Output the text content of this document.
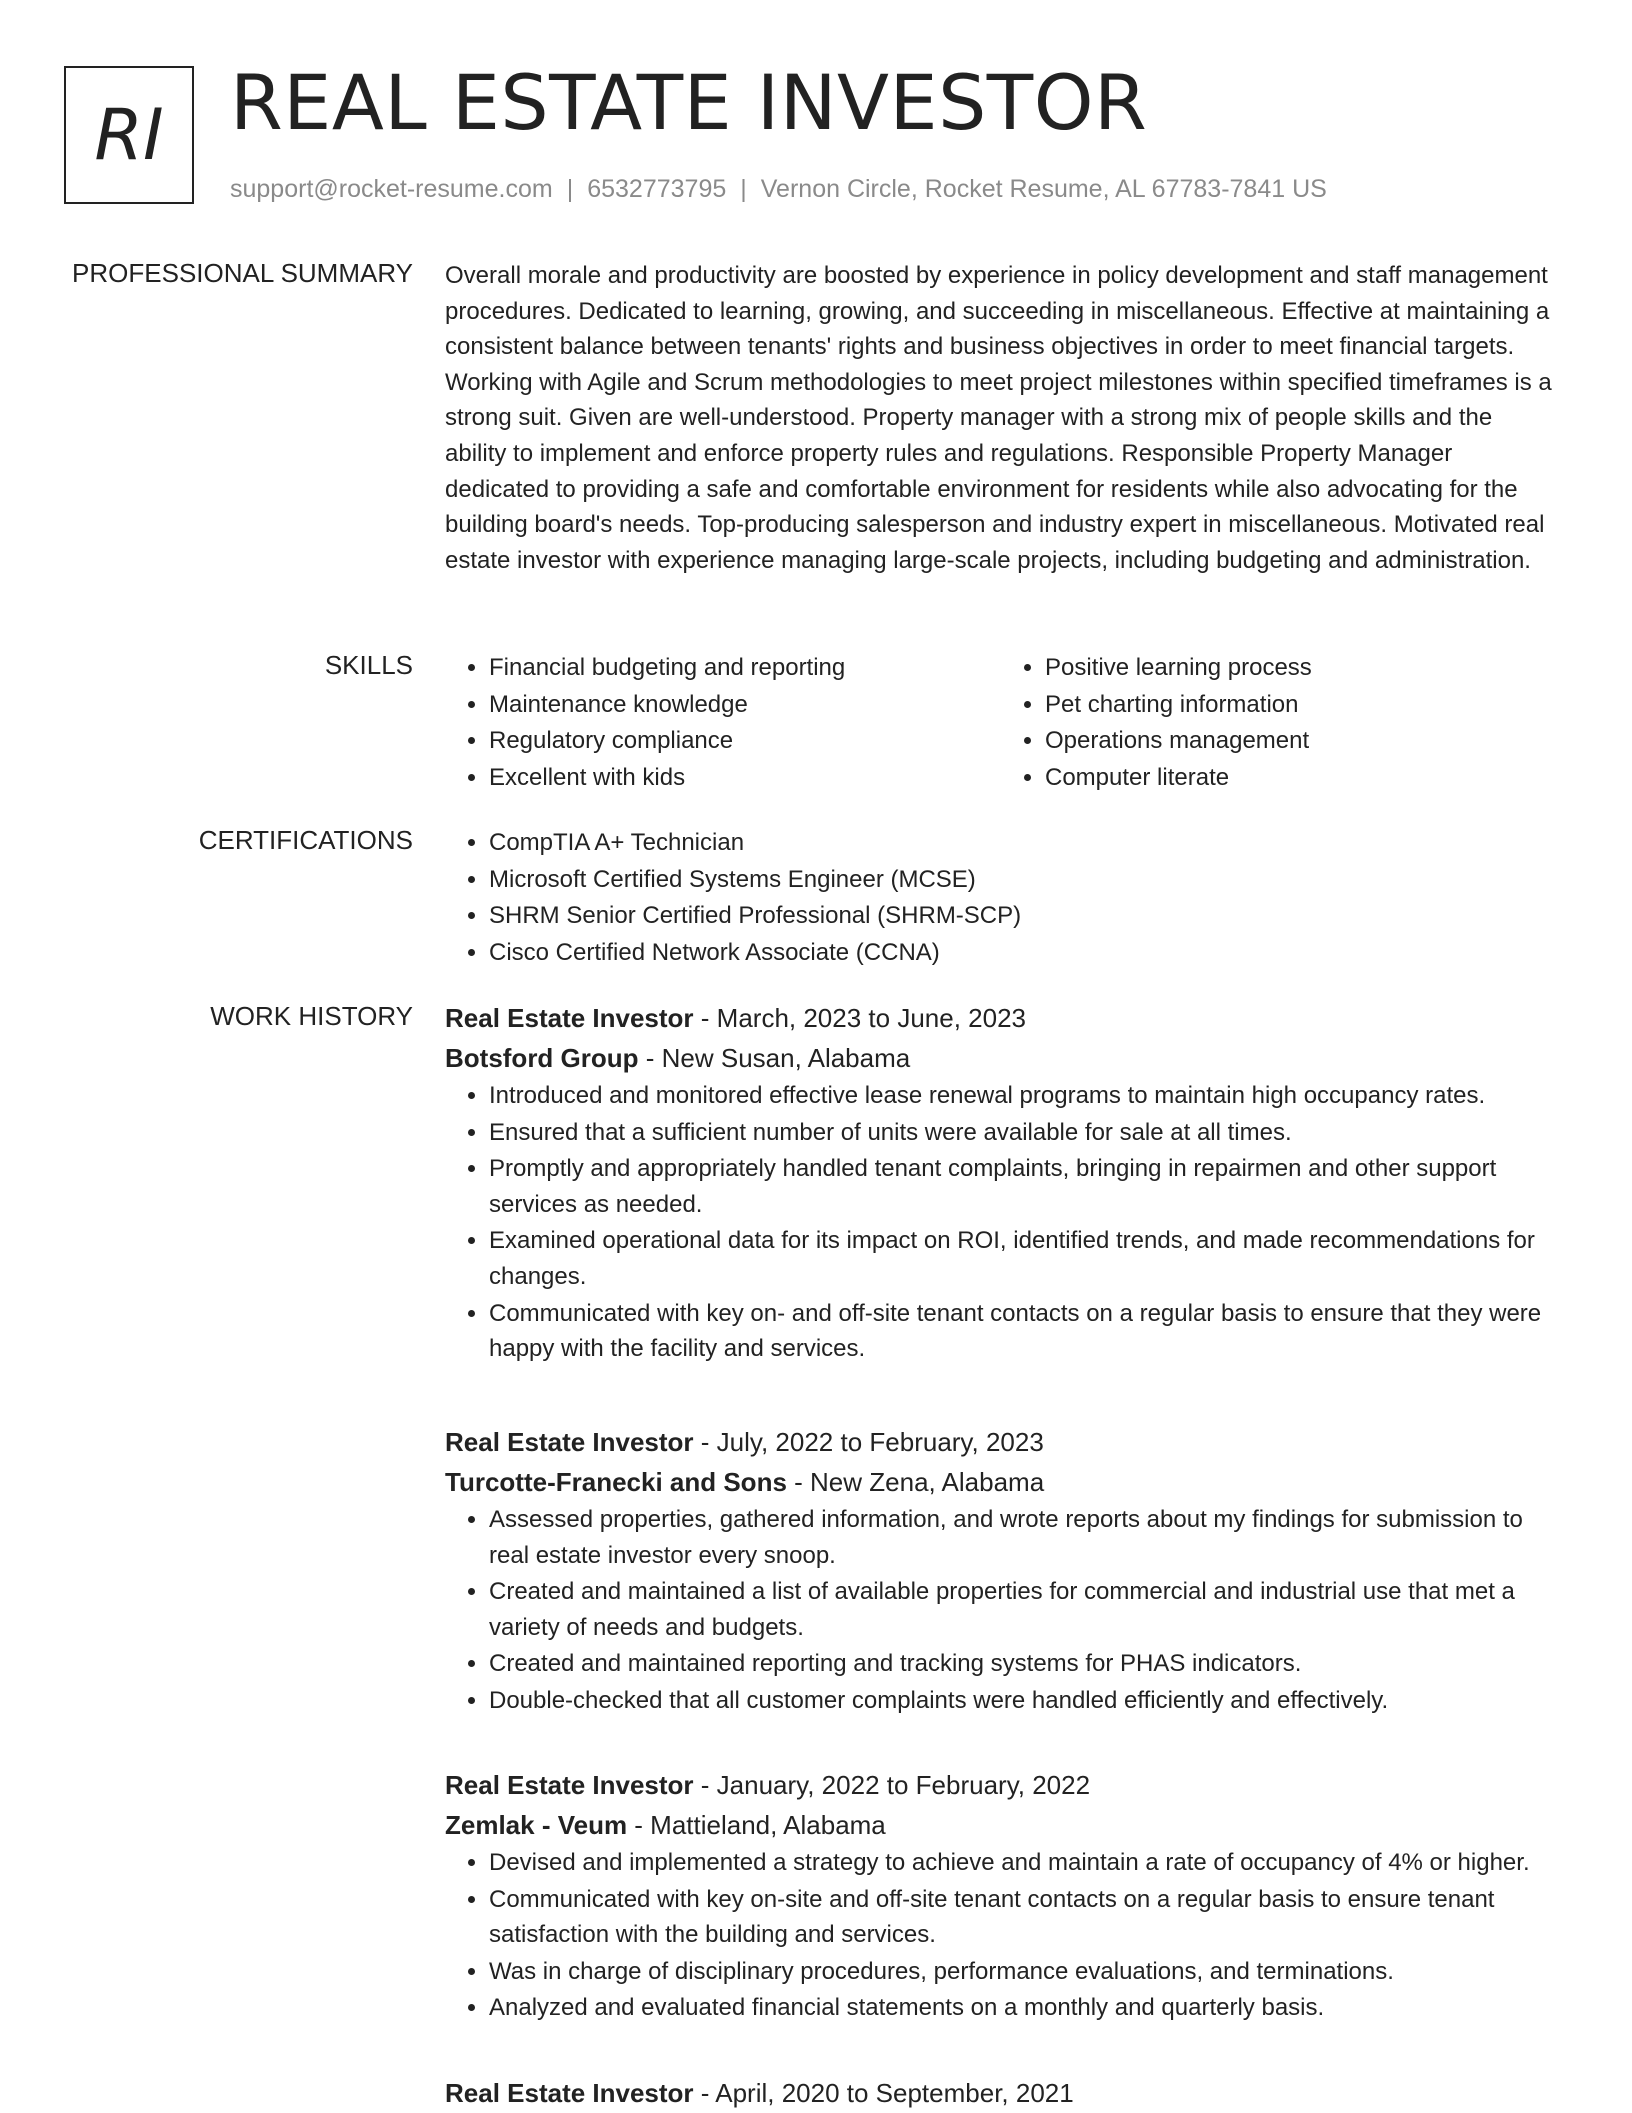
RI REAL ESTATE INVESTOR
support@rocket-resume.com | 6532773795 | Vernon Circle, Rocket Resume, AL 67783-7841 US
PROFESSIONAL SUMMARY Overall morale and productivity are boosted by experience in policy development and staff management procedures. Dedicated to learning, growing, and succeeding in miscellaneous. Effective at maintaining a consistent balance between tenants' rights and business objectives in order to meet financial targets. Working with Agile and Scrum methodologies to meet project milestones within specified timeframes is a strong suit. Given are well-understood. Property manager with a strong mix of people skills and the ability to implement and enforce property rules and regulations. Responsible Property Manager dedicated to providing a safe and comfortable environment for residents while also advocating for the building board's needs. Top-producing salesperson and industry expert in miscellaneous. Motivated real estate investor with experience managing large-scale projects, including budgeting and administration.
SKILLS	• Financial budgeting and reporting
• Maintenance knowledge
• Regulatory compliance
• Excellent with kids
• Positive learning process
• Pet charting information
• Operations management
• Computer literate
CERTIFICATIONS	• CompTIA A+ Technician
• Microsoft Certified Systems Engineer (MCSE)
• SHRM Senior Certified Professional (SHRM-SCP)
• Cisco Certified Network Associate (CCNA)
WORK HISTORY Real Estate Investor - March, 2023 to June, 2023
Botsford Group - New Susan, Alabama
• Introduced and monitored effective lease renewal programs to maintain high occupancy rates.
• Ensured that a sufficient number of units were available for sale at all times.
• Promptly and appropriately handled tenant complaints, bringing in repairmen and other support services as needed.
• Examined operational data for its impact on ROI, identified trends, and made recommendations for changes.
• Communicated with key on- and off-site tenant contacts on a regular basis to ensure that they were happy with the facility and services.
Real Estate Investor - July, 2022 to February, 2023
Turcotte-Franecki and Sons - New Zena, Alabama
• Assessed properties, gathered information, and wrote reports about my findings for submission to real estate investor every snoop.
• Created and maintained a list of available properties for commercial and industrial use that met a variety of needs and budgets.
• Created and maintained reporting and tracking systems for PHAS indicators.
• Double-checked that all customer complaints were handled efficiently and effectively.
Real Estate Investor - January, 2022 to February, 2022
Zemlak - Veum - Mattieland, Alabama
• Devised and implemented a strategy to achieve and maintain a rate of occupancy of 4% or higher.
• Communicated with key on-site and off-site tenant contacts on a regular basis to ensure tenant satisfaction with the building and services.
• Was in charge of disciplinary procedures, performance evaluations, and terminations.
• Analyzed and evaluated financial statements on a monthly and quarterly basis.
Real Estate Investor - April, 2020 to September, 2021
